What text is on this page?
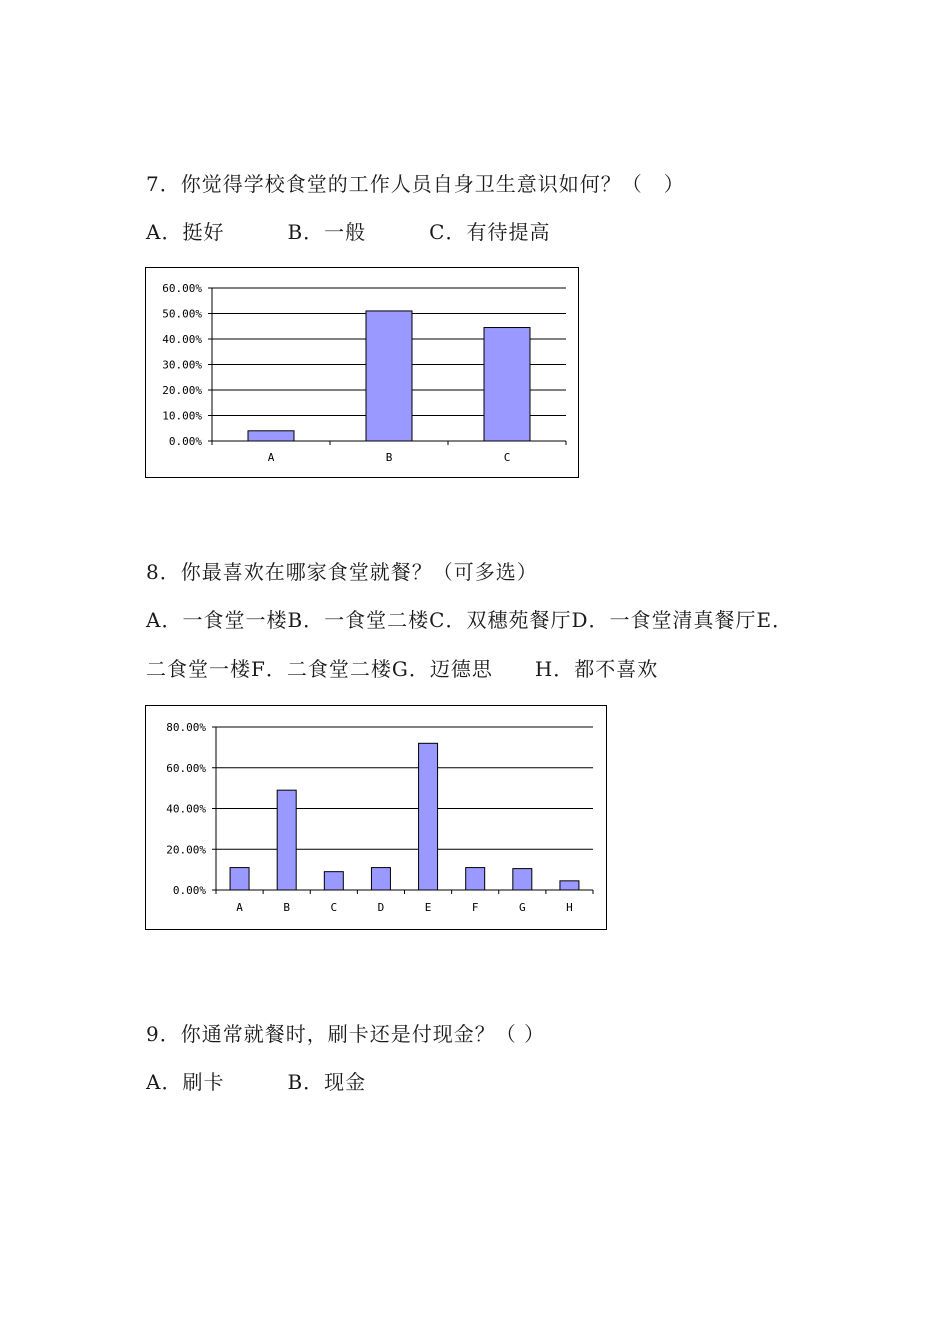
7．你觉得学校食堂的工作人员自身卫生意识如何？（　）
A．挺好　　　B．一般　　　C．有待提高
0.00%
10.00%
20.00%
30.00%
40.00%
50.00%
60.00%
A	B	C
8．你最喜欢在哪家食堂就餐？（可多选）
A．一食堂一楼B．一食堂二楼C．双穗苑餐厅D．一食堂清真餐厅E．
二食堂一楼F．二食堂二楼G．迈德思　　H．都不喜欢
0.00%
20.00%
40.00%
60.00%
80.00%
A	B	C	D	E	F	G	H
9．你通常就餐时，刷卡还是付现金？（ ）
A．刷卡　　　B．现金
